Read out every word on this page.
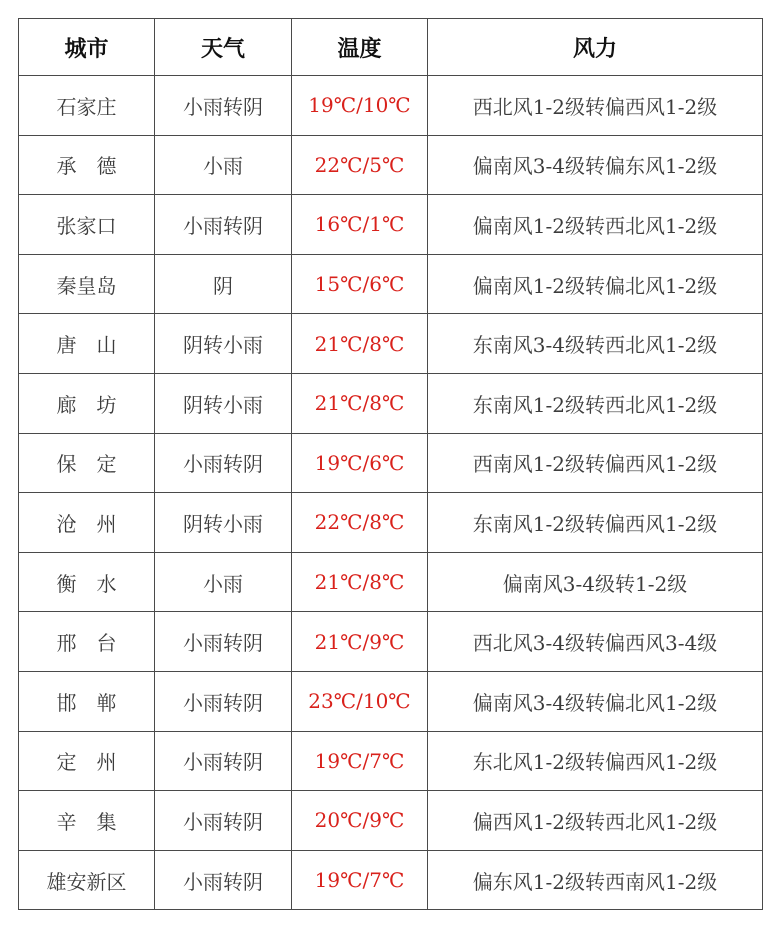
城市	天气	温度	风力
石家庄	小雨转阴	19℃/10℃	西北风1-2级转偏西风1-2级
承　德	小雨	22℃/5℃	偏南风3-4级转偏东风1-2级
张家口	小雨转阴	16℃/1℃	偏南风1-2级转西北风1-2级
秦皇岛	阴	15℃/6℃	偏南风1-2级转偏北风1-2级
唐　山	阴转小雨	21℃/8℃	东南风3-4级转西北风1-2级
廊　坊	阴转小雨	21℃/8℃	东南风1-2级转西北风1-2级
保　定	小雨转阴	19℃/6℃	西南风1-2级转偏西风1-2级
沧　州	阴转小雨	22℃/8℃	东南风1-2级转偏西风1-2级
衡　水	小雨	21℃/8℃	偏南风3-4级转1-2级
邢　台	小雨转阴	21℃/9℃	西北风3-4级转偏西风3-4级
邯　郸	小雨转阴	23℃/10℃	偏南风3-4级转偏北风1-2级
定　州	小雨转阴	19℃/7℃	东北风1-2级转偏西风1-2级
辛　集	小雨转阴	20℃/9℃	偏西风1-2级转西北风1-2级
雄安新区	小雨转阴	19℃/7℃	偏东风1-2级转西南风1-2级
